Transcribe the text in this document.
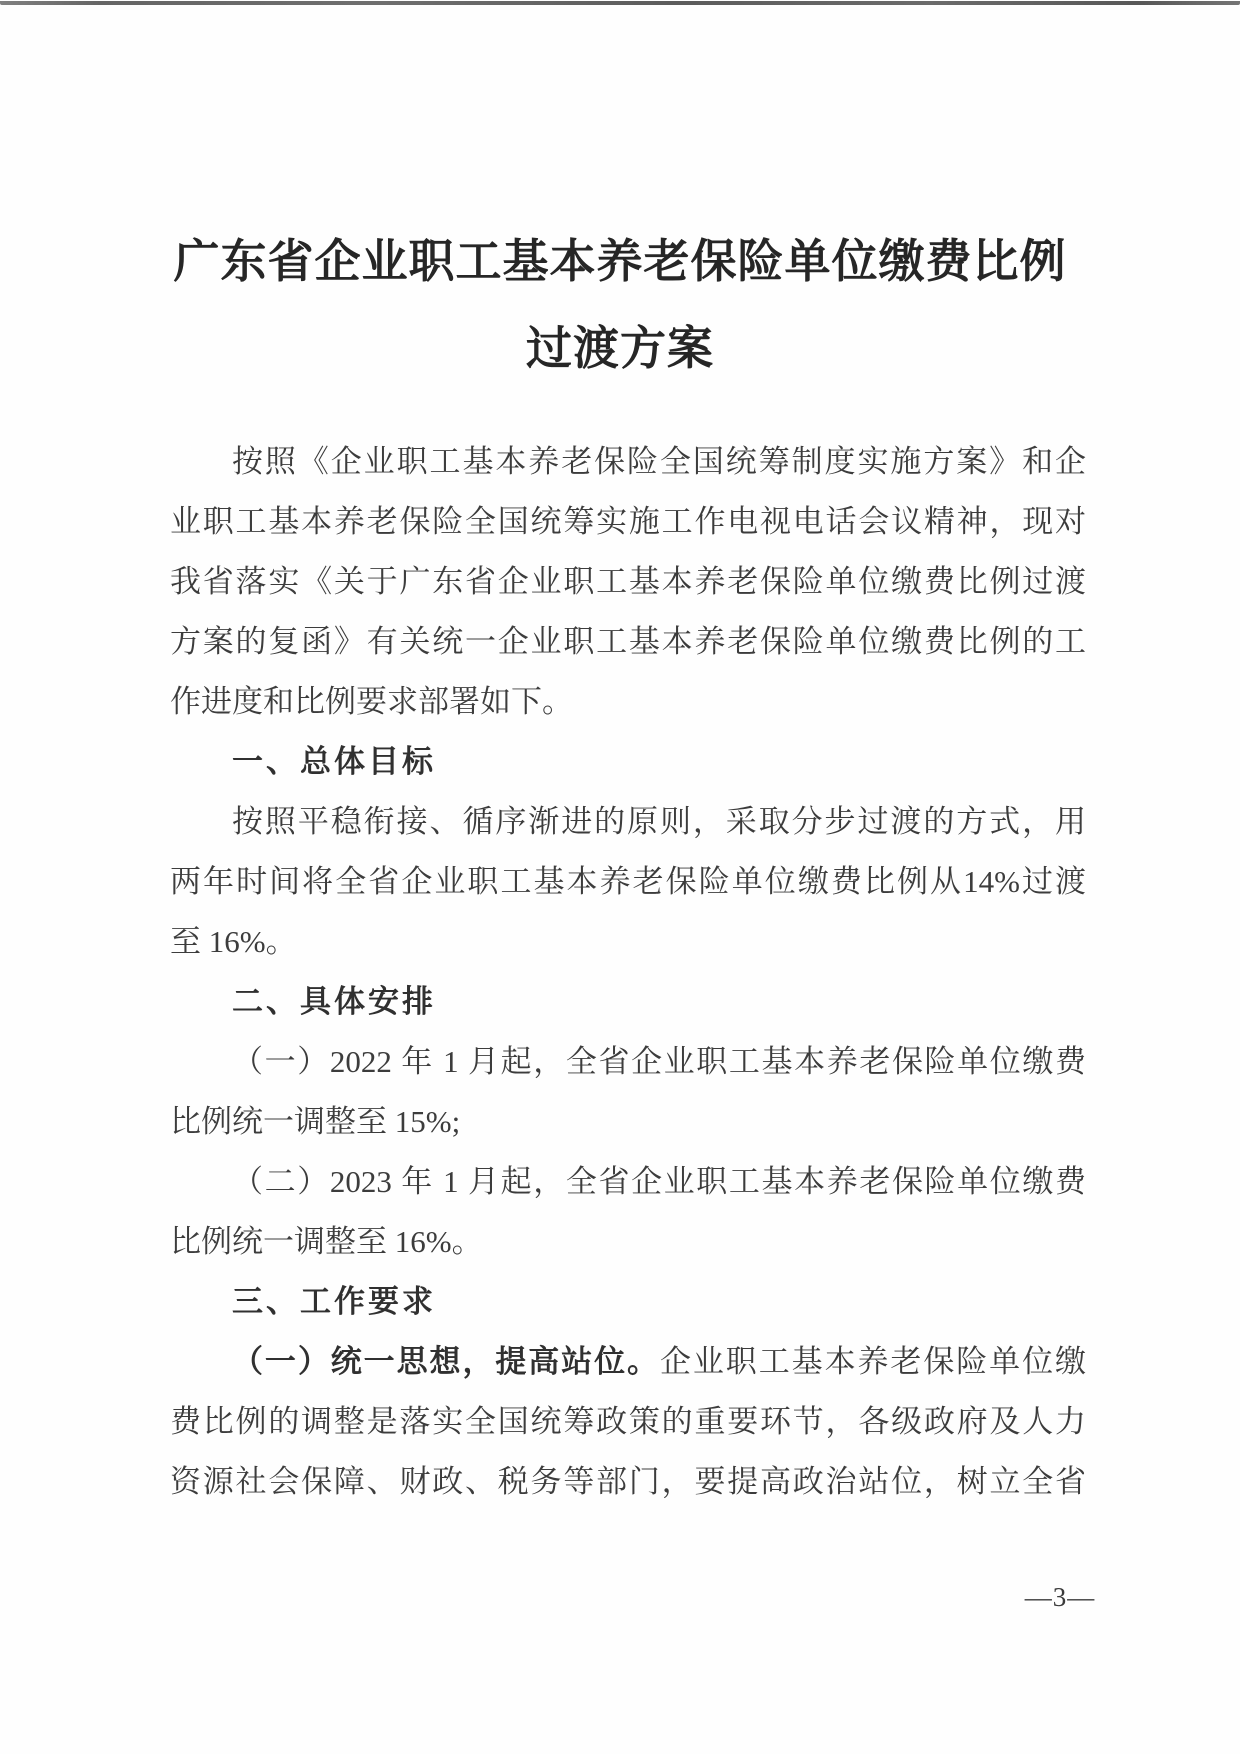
广东省企业职工基本养老保险单位缴费比例
过渡方案
按照《企业职工基本养老保险全国统筹制度实施方案》和企
业职工基本养老保险全国统筹实施工作电视电话会议精神，现对
我省落实《关于广东省企业职工基本养老保险单位缴费比例过渡
方案的复函》有关统一企业职工基本养老保险单位缴费比例的工
作进度和比例要求部署如下。
一、总体目标
按照平稳衔接、循序渐进的原则，采取分步过渡的方式，用
两年时间将全省企业职工基本养老保险单位缴费比例从14%过渡
至 16%。
二、具体安排
（一）2022 年 1 月起，全省企业职工基本养老保险单位缴费
比例统一调整至 15%;
（二）2023 年 1 月起，全省企业职工基本养老保险单位缴费
比例统一调整至 16%。
三、工作要求
（一）统一思想，提高站位。企业职工基本养老保险单位缴
费比例的调整是落实全国统筹政策的重要环节，各级政府及人力
资源社会保障、财政、税务等部门，要提高政治站位，树立全省
—3—
